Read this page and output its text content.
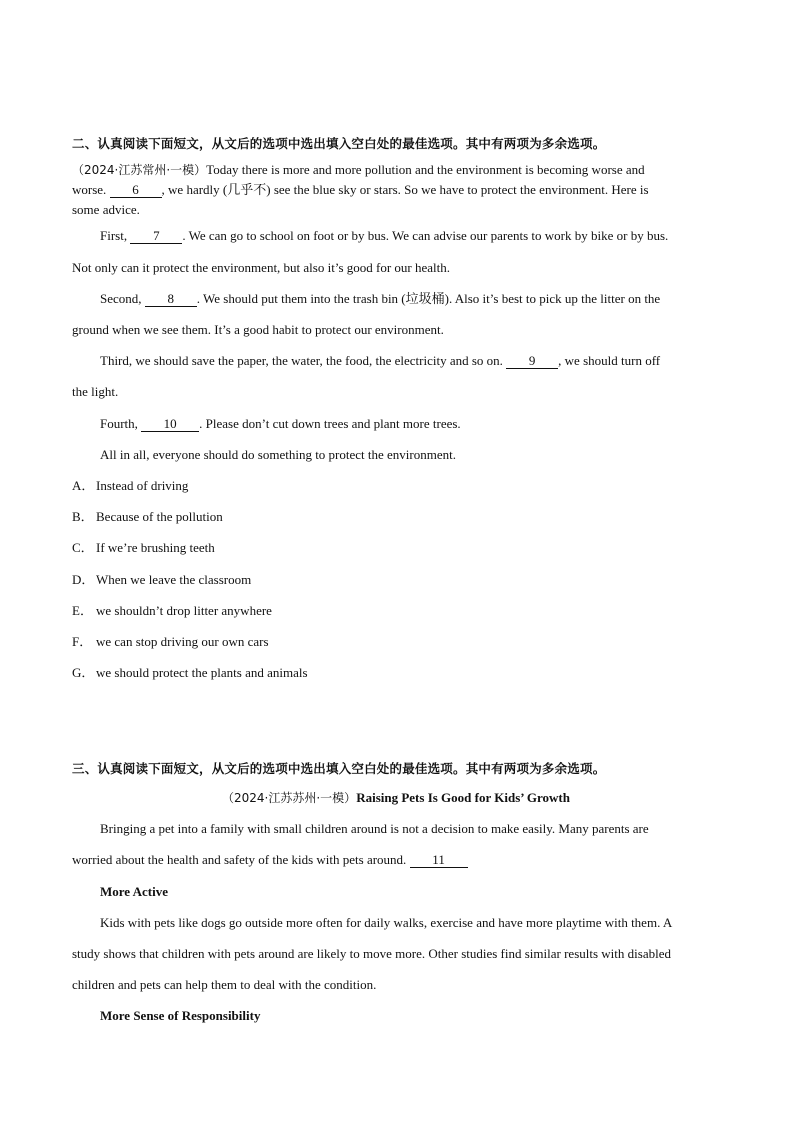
二、认真阅读下面短文，从文后的选项中选出填入空白处的最佳选项。其中有两项为多余选项。
（2024·江苏常州·一模）Today there is more and more pollution and the environment is becoming worse and
worse. 6 , we hardly (几乎不) see the blue sky or stars. So we have to protect the environment. Here is
some advice.
First, 7 . We can go to school on foot or by bus. We can advise our parents to work by bike or by bus.
Not only can it protect the environment, but also it’s good for our health.
Second, 8 . We should put them into the trash bin (垃圾桶). Also it’s best to pick up the litter on the
ground when we see them. It’s a good habit to protect our environment.
Third, we should save the paper, the water, the food, the electricity and so on. 9 , we should turn off
the light.
Fourth, 10 . Please don’t cut down trees and plant more trees.
All in all, everyone should do something to protect the environment.
A． Instead of driving
B． Because of the pollution
C． If we’re brushing teeth
D． When we leave the classroom
E． we shouldn’t drop litter anywhere
F． we can stop driving our own cars
G． we should protect the plants and animals
三、认真阅读下面短文，从文后的选项中选出填入空白处的最佳选项。其中有两项为多余选项。
（2024·江苏苏州·一模）Raising Pets Is Good for Kids’ Growth
Bringing a pet into a family with small children around is not a decision to make easily. Many parents are
worried about the health and safety of the kids with pets around. 11
More Active
Kids with pets like dogs go outside more often for daily walks, exercise and have more playtime with them. A
study shows that children with pets around are likely to move more. Other studies find similar results with disabled
children and pets can help them to deal with the condition.
More Sense of Responsibility
